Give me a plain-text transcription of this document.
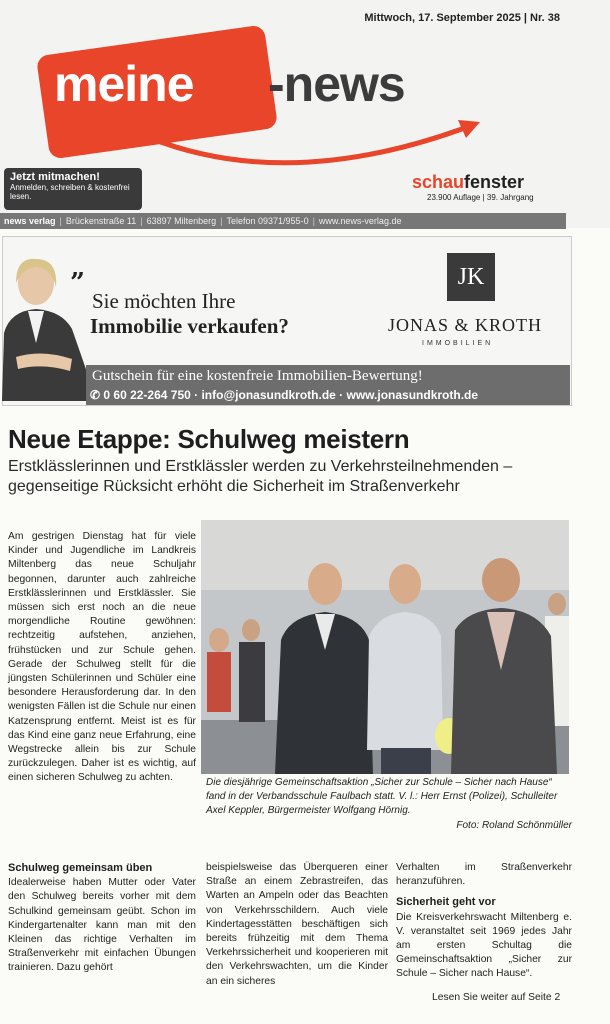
Mittwoch, 17. September 2025 | Nr. 38
meine -news
Jetzt mitmachen!
Anmelden, schreiben & kostenfrei lesen.
schaufenster
23.900 Auflage | 39. Jahrgang
news verlag | Brückenstraße 11 | 63897 Miltenberg | Telefon 09371/955-0 | www.news-verlag.de
”
Sie möchten Ihre
Immobilie verkaufen?
JK
JONAS & KROTH
IMMOBILIEN
Gutschein für eine kostenfreie Immobilien-Bewertung!
✆ 0 60 22-264 750 · info@jonasundkroth.de · www.jonasundkroth.de
Neue Etappe: Schulweg meistern
Erstklässlerinnen und Erstklässler werden zu Verkehrsteilnehmenden – gegenseitige Rücksicht erhöht die Sicherheit im Straßenverkehr
Am gestrigen Dienstag hat für viele Kinder und Jugendliche im Landkreis Miltenberg das neue Schuljahr begonnen, darunter auch zahlreiche Erstklässlerinnen und Erstklässler. Sie müssen sich erst noch an die neue morgendliche Routine gewöhnen: rechtzeitig aufstehen, anziehen, frühstücken und zur Schule gehen. Gerade der Schulweg stellt für die jüngsten Schülerinnen und Schüler eine besondere Herausforderung dar. In den wenigsten Fällen ist die Schule nur einen Katzensprung entfernt. Meist ist es für das Kind eine ganz neue Erfahrung, eine Wegstrecke allein bis zur Schule zurückzulegen. Daher ist es wichtig, auf einen sicheren Schulweg zu achten.
Schulweg gemeinsam üben
Idealerweise haben Mutter oder Vater den Schulweg bereits vorher mit dem Schulkind gemeinsam geübt. Schon im Kindergartenalter kann man mit den Kleinen das richtige Verhalten im Straßenverkehr mit einfachen Übungen trainieren. Dazu gehört
beispielsweise das Überqueren einer Straße an einem Zebrastreifen, das Warten an Ampeln oder das Beachten von Verkehrsschildern. Auch viele Kindertagesstätten beschäftigen sich bereits frühzeitig mit dem Thema Verkehrssicherheit und kooperieren mit den Verkehrswachten, um die Kinder an ein sicheres
Verhalten im Straßenverkehr heranzuführen.
Sicherheit geht vor
Die Kreisverkehrswacht Miltenberg e. V. veranstaltet seit 1969 jedes Jahr am ersten Schultag die Gemeinschaftsaktion „Sicher zur Schule – Sicher nach Hause“.
Die diesjährige Gemeinschaftsaktion „Sicher zur Schule – Sicher nach Hause“ fand in der Verbandsschule Faulbach statt. V. l.: Herr Ernst (Polizei), Schulleiter Axel Keppler, Bürgermeister Wolfgang Hörnig.
Foto: Roland Schönmüller
Lesen Sie weiter auf Seite 2
